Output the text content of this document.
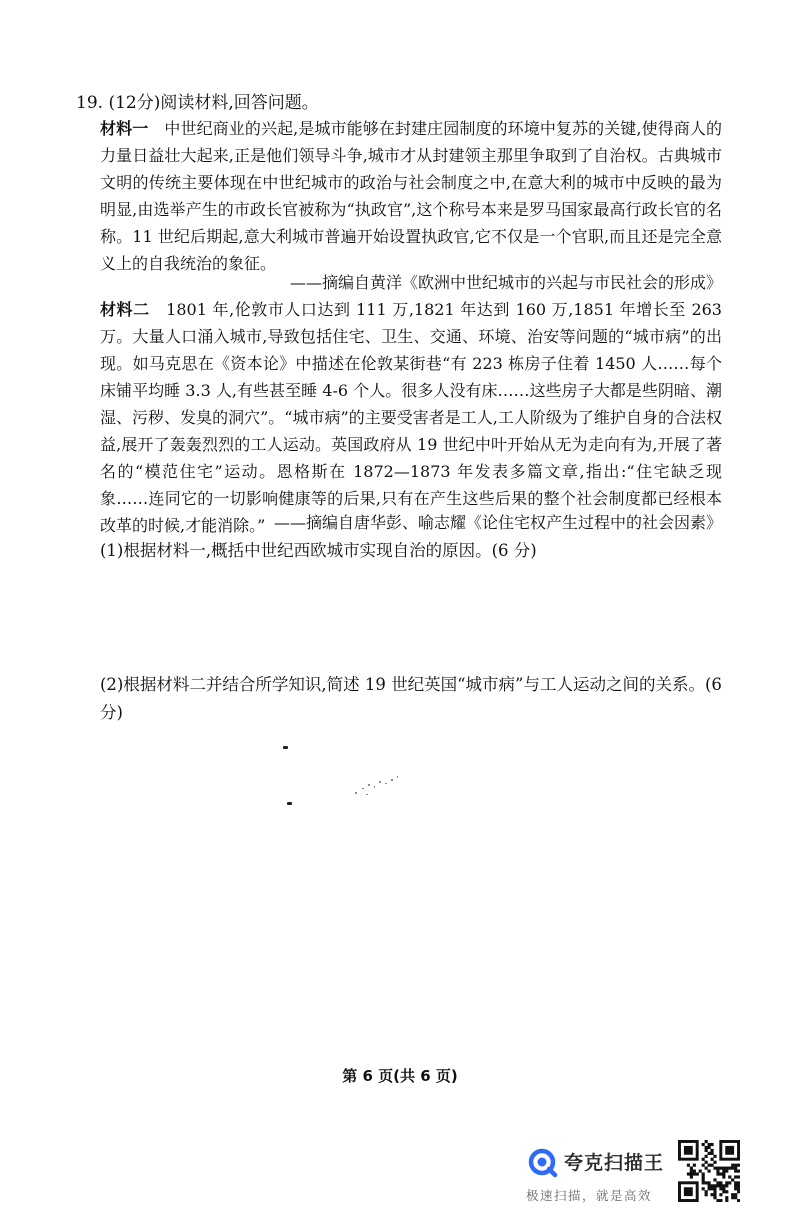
19. (12分)阅读材料,回答问题。
材料一　中世纪商业的兴起,是城市能够在封建庄园制度的环境中复苏的关键,使得商人的力量日益壮大起来,正是他们领导斗争,城市才从封建领主那里争取到了自治权。古典城市文明的传统主要体现在中世纪城市的政治与社会制度之中,在意大利的城市中反映的最为明显,由选举产生的市政长官被称为“执政官”,这个称号本来是罗马国家最高行政长官的名称。11 世纪后期起,意大利城市普遍开始设置执政官,它不仅是一个官职,而且还是完全意义上的自我统治的象征。
——摘编自黄洋《欧洲中世纪城市的兴起与市民社会的形成》
材料二　1801 年,伦敦市人口达到 111 万,1821 年达到 160 万,1851 年增长至 263 万。大量人口涌入城市,导致包括住宅、卫生、交通、环境、治安等问题的“城市病”的出现。如马克思在《资本论》中描述在伦敦某街巷“有 223 栋房子住着 1450 人……每个床铺平均睡 3.3 人,有些甚至睡 4-6 个人。很多人没有床……这些房子大都是些阴暗、潮湿、污秽、发臭的洞穴”。“城市病”的主要受害者是工人,工人阶级为了维护自身的合法权益,展开了轰轰烈烈的工人运动。英国政府从 19 世纪中叶开始从无为走向有为,开展了著名的“模范住宅”运动。恩格斯在 1872—1873 年发表多篇文章,指出:“住宅缺乏现象……连同它的一切影响健康等的后果,只有在产生这些后果的整个社会制度都已经根本改革的时候,才能消除。” ——摘编自唐华彭、喻志耀《论住宅权产生过程中的社会因素》
(1)根据材料一,概括中世纪西欧城市实现自治的原因。(6 分)
(2)根据材料二并结合所学知识,简述 19 世纪英国“城市病”与工人运动之间的关系。(6 分)
第 6 页(共 6 页)
夸克扫描王
极速扫描，就是高效
